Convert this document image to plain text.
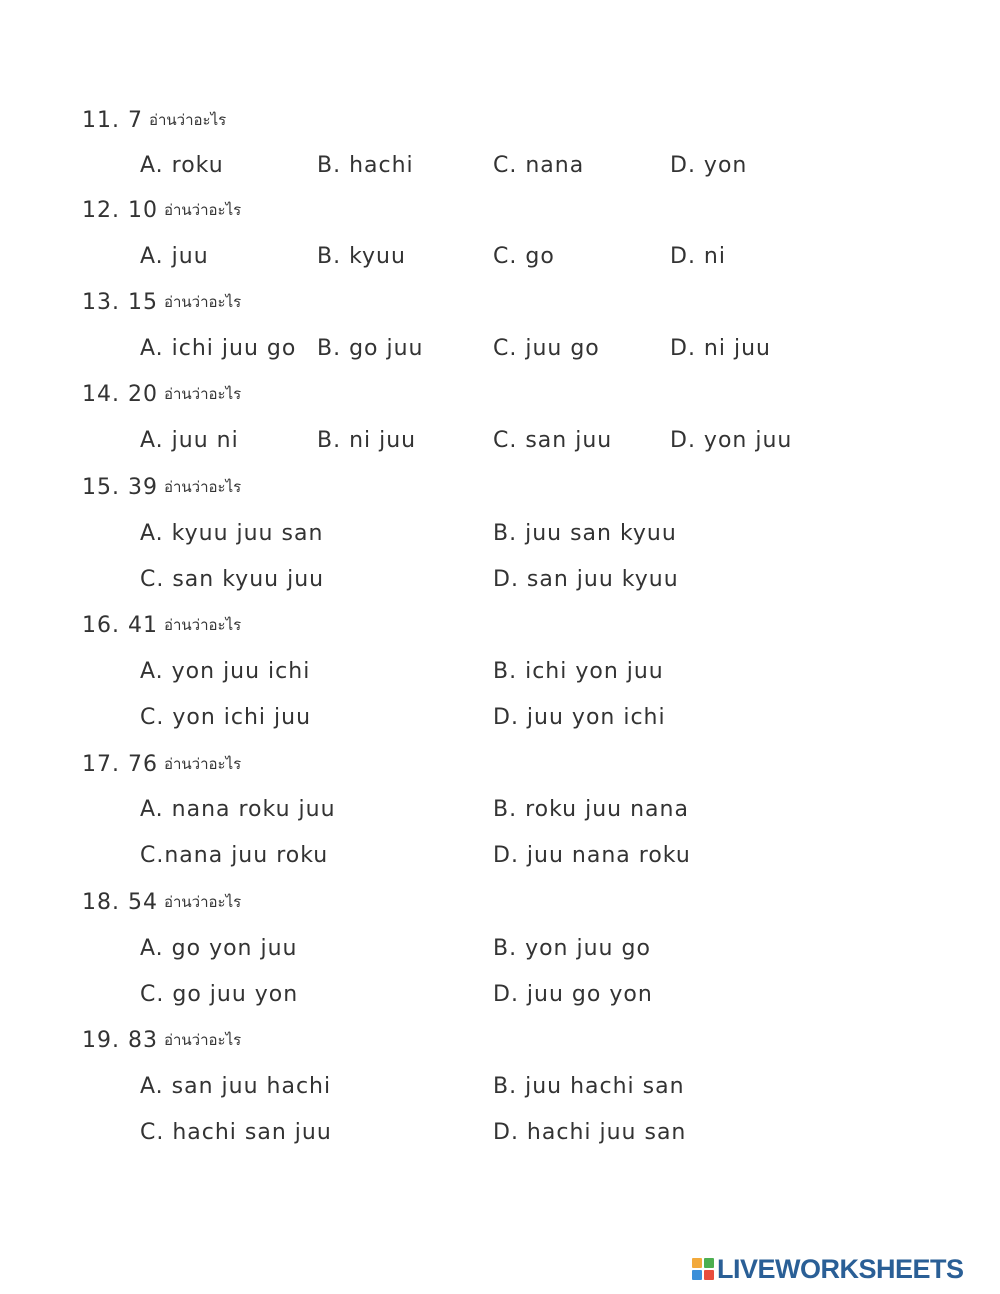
11. 7 อ่านว่าอะไร
A. roku	B. hachi	C. nana	D. yon
12. 10 อ่านว่าอะไร
A. juu	B. kyuu	C. go	D. ni
13. 15 อ่านว่าอะไร
A. ichi juu go B. go juu	C. juu go	D. ni juu
14. 20 อ่านว่าอะไร
A. juu ni	B. ni juu	C. san juu	D. yon juu
15. 39 อ่านว่าอะไร
A. kyuu juu san	B. juu san kyuu
C. san kyuu juu	D. san juu kyuu
16. 41 อ่านว่าอะไร
A. yon juu ichi	B. ichi yon juu
C. yon ichi juu	D. juu yon ichi
17. 76 อ่านว่าอะไร
A. nana roku juu	B. roku juu nana
C.nana juu roku	D. juu nana roku
18. 54 อ่านว่าอะไร
A. go yon juu	B. yon juu go
C. go juu yon	D. juu go yon
19. 83 อ่านว่าอะไร
A. san juu hachi	B. juu hachi san
C. hachi san juu	D. hachi juu san
LIVEWORKSHEETS
